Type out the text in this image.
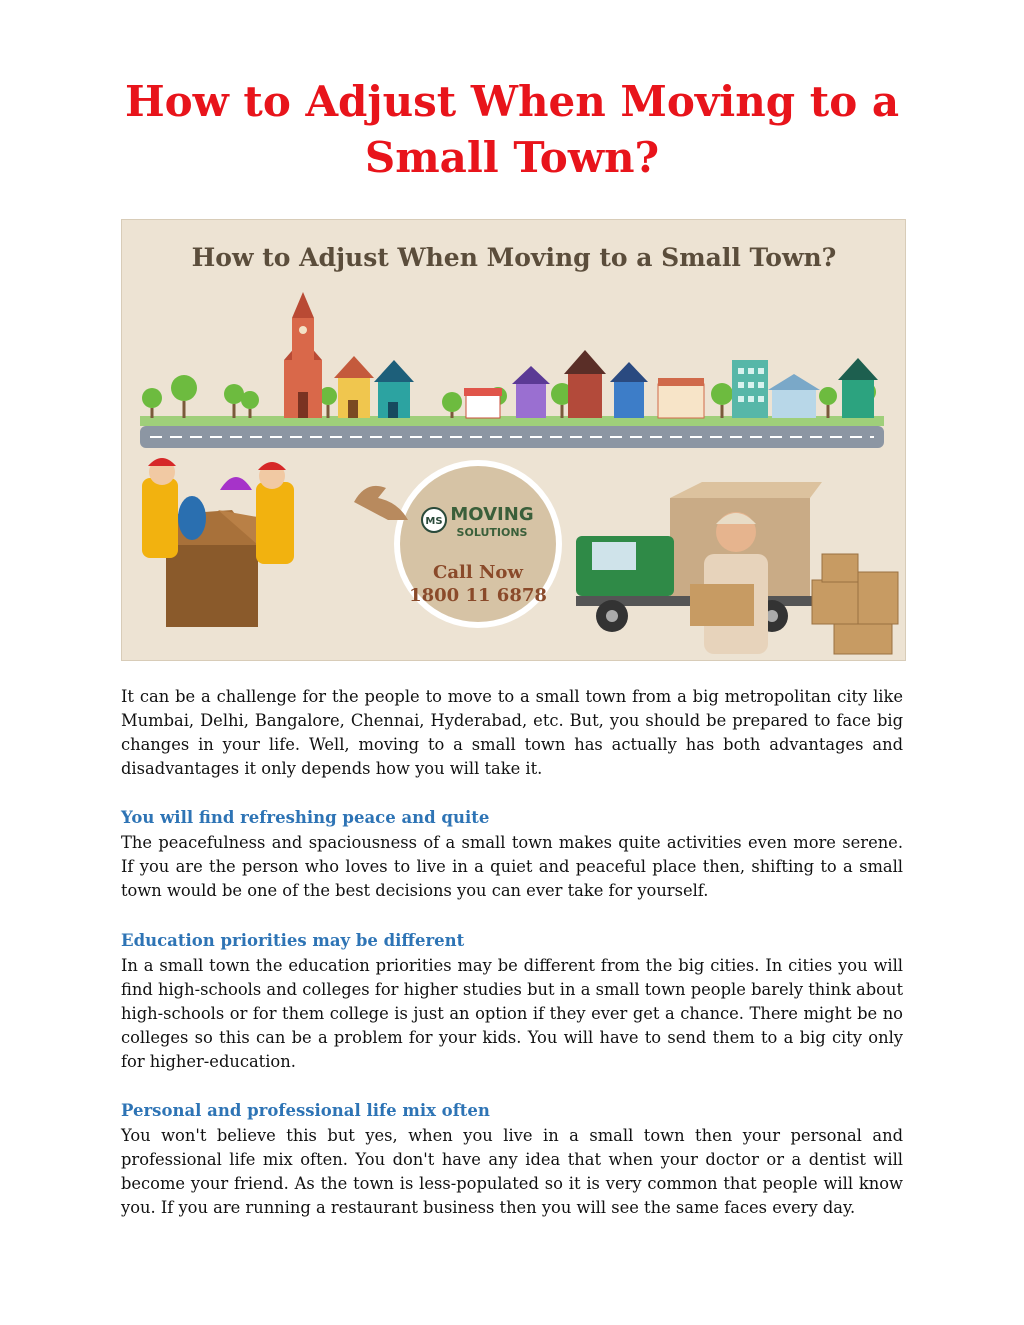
How to Adjust When Moving to a Small Town?
How to Adjust When Moving to a Small Town?
MS MOVING
SOLUTIONS
Call Now
1800 11 6878

It can be a challenge for the people to move to a small town from a big metropolitan city like Mumbai, Delhi, Bangalore, Chennai, Hyderabad, etc. But, you should be prepared to face big changes in your life. Well, moving to a small town has actually has both advantages and disadvantages it only depends how you will take it.

You will find refreshing peace and quite

The peacefulness and spaciousness of a small town makes quite activities even more serene. If you are the person who loves to live in a quiet and peaceful place then, shifting to a small town would be one of the best decisions you can ever take for yourself.

Education priorities may be different

In a small town the education priorities may be different from the big cities. In cities you will find high-schools and colleges for higher studies but in a small town people barely think about high-schools or for them college is just an option if they ever get a chance. There might be no colleges so this can be a problem for your kids. You will have to send them to a big city only for higher-education.

Personal and professional life mix often

You won't believe this but yes, when you live in a small town then your personal and professional life mix often. You don't have any idea that when your doctor or a dentist will become your friend. As the town is less-populated so it is very common that people will know you. If you are running a restaurant business then you will see the same faces every day.
